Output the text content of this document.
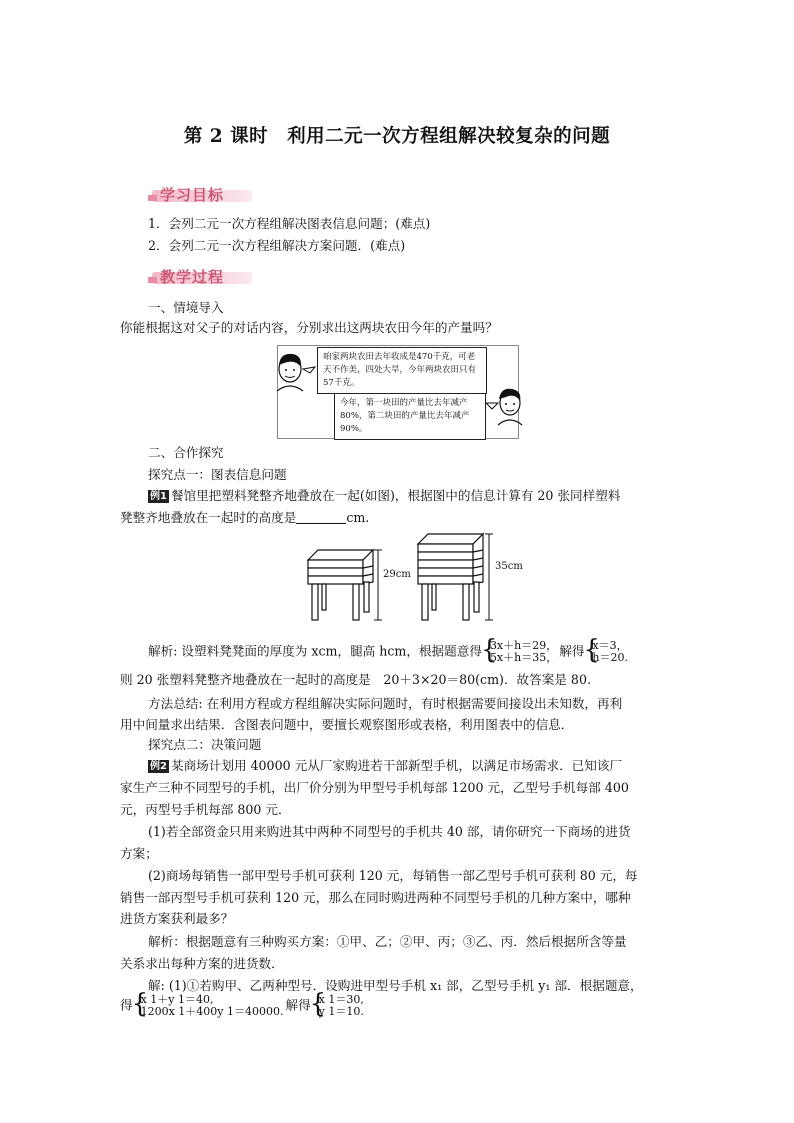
第 2 课时　利用二元一次方程组解决较复杂的问题
学习目标
1．会列二元一次方程组解决图表信息问题；(难点)
2．会列二元一次方程组解决方案问题．(难点)
教学过程
一、情境导入
你能根据这对父子的对话内容，分别求出这两块农田今年的产量吗？
咱家两块农田去年收成是470千克，可老天不作美，四处大旱，今年两块农田只有57千克。
今年，第一块田的产量比去年减产80%，第二块田的产量比去年减产90%。
二、合作探究
探究点一：图表信息问题
例1 餐馆里把塑料凳整齐地叠放在一起(如图)，根据图中的信息计算有 20 张同样塑料
凳整齐地叠放在一起时的高度是	cm.
29cm
35cm
解析: 设塑料凳凳面的厚度为 xcm，腿高 hcm，根据题意得 { 3x＋h＝29，
5x＋h＝35， 解得 { x＝3，
h＝20.
则 20 张塑料凳整齐地叠放在一起时的高度是　20＋3×20＝80(cm)．故答案是 80.
方法总结: 在利用方程或方程组解决实际问题时，有时根据需要间接设出未知数，再利
用中间量求出结果．含图表问题中，要擅长观察图形或表格，利用图表中的信息．
探究点二：决策问题
例2 某商场计划用 40000 元从厂家购进若干部新型手机，以满足市场需求．已知该厂
家生产三种不同型号的手机，出厂价分别为甲型号手机每部 1200 元，乙型号手机每部 400
元，丙型号手机每部 800 元．
(1)若全部资金只用来购进其中两种不同型号的手机共 40 部，请你研究一下商场的进货
方案；
(2)商场每销售一部甲型号手机可获利 120 元，每销售一部乙型号手机可获利 80 元，每
销售一部丙型号手机可获利 120 元，那么在同时购进两种不同型号手机的几种方案中，哪种
进货方案获利最多？
解析：根据题意有三种购买方案：①甲、乙；②甲、丙；③乙、丙．然后根据所含等量
关系求出每种方案的进货数．
解: (1)①若购甲、乙两种型号．设购进甲型号手机 x₁ 部，乙型号手机 y₁ 部．根据题意，
得 { x 1＋y 1＝40,
1200x 1＋400y 1＝40000. 解得 { x 1＝30,
y 1＝10.
